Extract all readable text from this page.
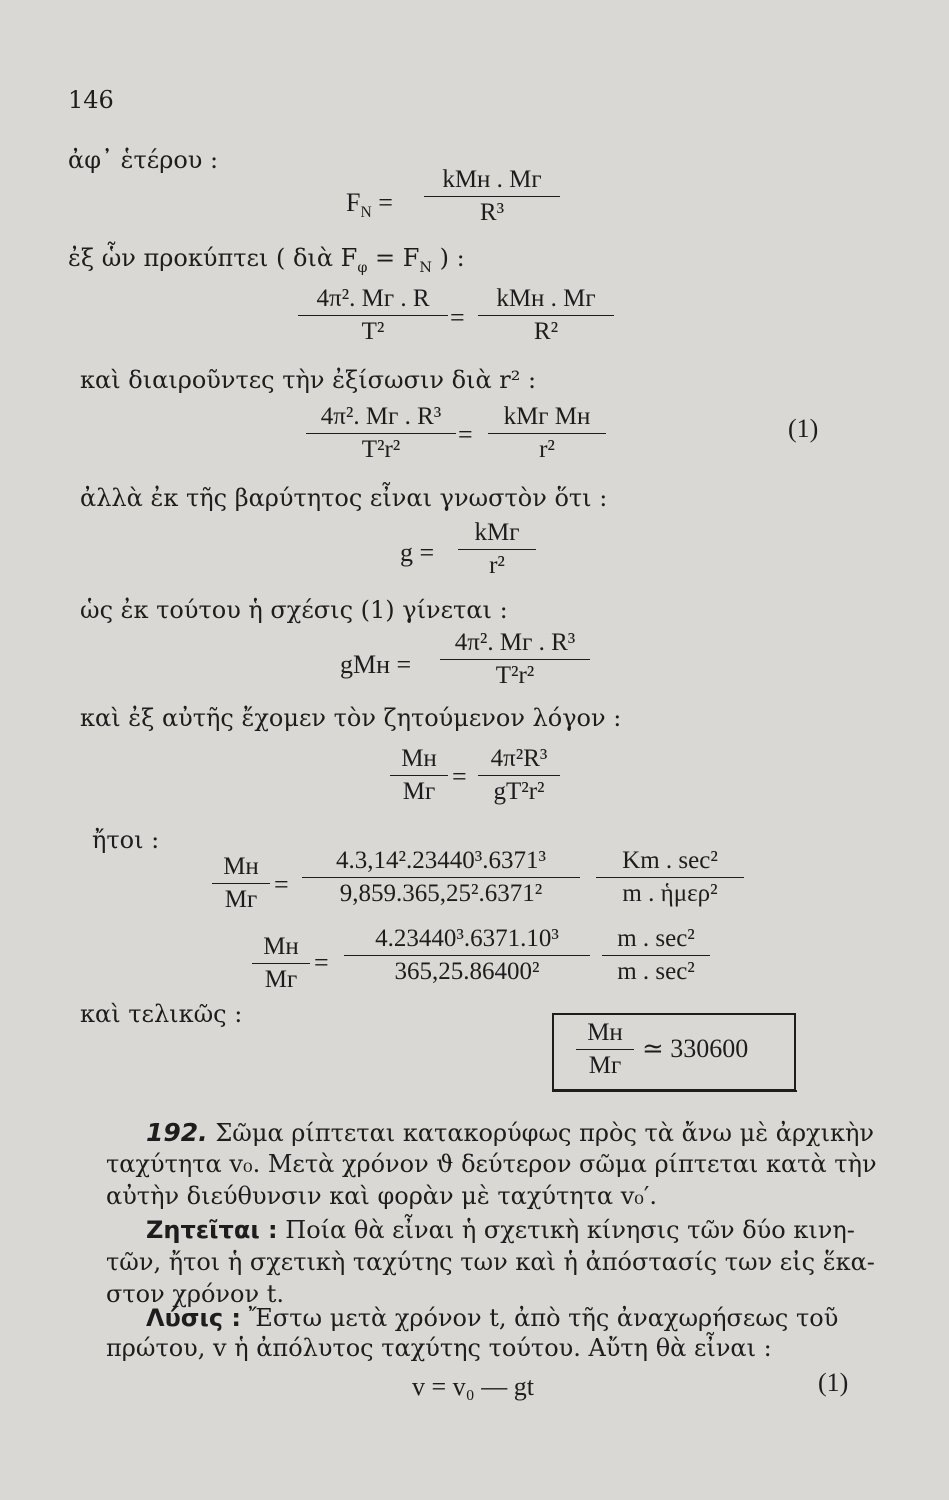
146
ἀφ᾽ ἑτέρου :
$F_N$ =
kMн . Mг
R³
ἐξ ὧν προκύπτει ( διὰ $F_\varphi = F_N$ ) :
4π². Mг . R
T²	=
kMн . Mг
R²
καὶ διαιροῦντες τὴν ἐξίσωσιν διὰ r² :
4π². Mг . R³
T²r²
=
kMг Mн
r²
(1)
ἀλλὰ ἐκ τῆς βαρύτητος εἶναι γνωστὸν ὅτι :
g =
kMг
r²
ὡς ἐκ τούτου ἡ σχέσις (1) γίνεται :
gMн =
4π². Mг . R³
T²r²
καὶ ἐξ αὐτῆς ἔχομεν τὸν ζητούμενον λόγον :
Mн
Mг
= $\frac{\text{4π²R³}}{\text{gT²r²}}$
ἤτοι :
Mн
Mг
= $\frac{\text{4.3,14².23440³.6371³}}{\text{9,859.365,25².6371²}}$	Km . sec²
m . ἡμερ²
Mн
Mг
= $\frac{\text{4.23440³.6371.10³}}{\text{365,25.86400²}}$	m . sec²
m . sec²
καὶ τελικῶς :
Mн
Mг
≃ 330600
192. Σῶμα ρίπτεται κατακορύφως πρὸς τὰ ἄνω μὲ ἀρχικὴν
ταχύτητα v₀. Μετὰ χρόνον ϑ δεύτερον σῶμα ρίπτεται κατὰ τὴν
αὐτὴν διεύθυνσιν καὶ φορὰν μὲ ταχύτητα v₀′.
Ζητεῖται : Ποία θὰ εἶναι ἡ σχετικὴ κίνησις τῶν δύο κινη-
τῶν, ἤτοι ἡ σχετικὴ ταχύτης των καὶ ἡ ἀπόστασίς των εἰς ἕκα-
στον χρόνον t.
Λύσις : Ἔστω μετὰ χρόνον t, ἀπὸ τῆς ἀναχωρήσεως τοῦ
πρώτου, v ἡ ἀπόλυτος ταχύτης τούτου. Αὔτη θὰ εἶναι :
v = v₀ — gt	(1)
